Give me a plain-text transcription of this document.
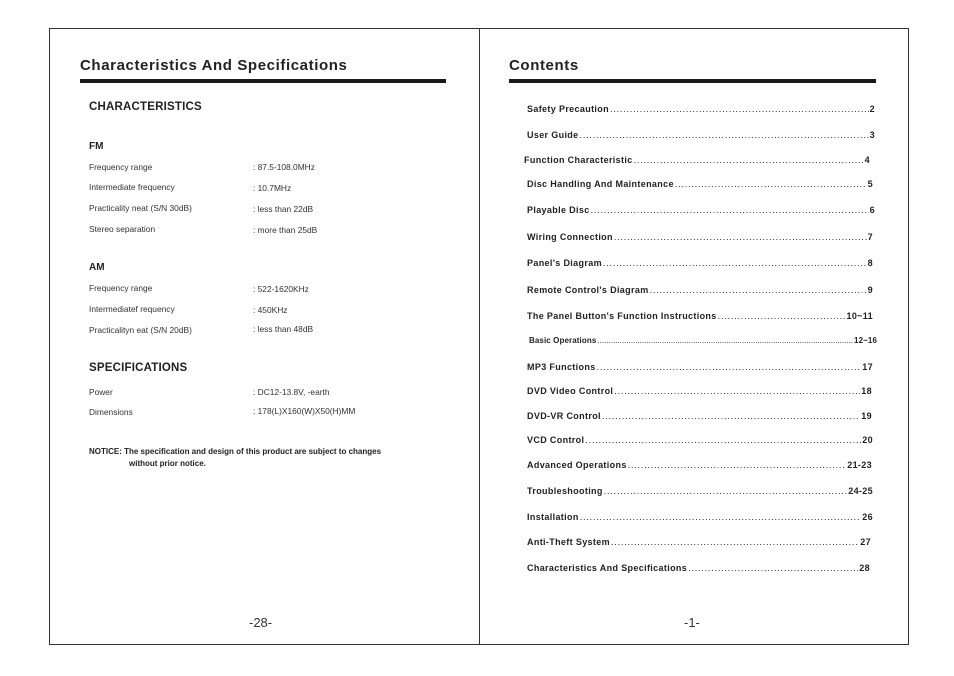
Characteristics And Specifications
CHARACTERISTICS
FM
Frequency range	: 87.5-108.0MHz
Intermediate frequency	: 10.7MHz
Practicality neat (S/N 30dB)	: less than 22dB
Stereo separation	: more than 25dB
AM
Frequency range	: 522-1620KHz
Intermediatef requency	: 450KHz
Practicalityn eat (S/N 20dB)	: less than 48dB
SPECIFICATIONS
Power	: DC12-13.8V, -earth
Dimensions	: 178(L)X160(W)X50(H)MM
NOTICE: The specification and design of this product are subject to changes
without prior notice.
-28-
Contents
Safety Precaution .....	2
User Guide .....	3
Function Characteristic .....	4
Disc Handling And Maintenance .....	5
Playable Disc .....	6
Wiring Connection .....	7
Panel's Diagram .....	8
Remote Control's Diagram .....	9
The Panel Button's Function Instructions .....	10~11
Basic Operations .....	12~16
MP3 Functions .....	17
DVD Video Control .....	18
DVD-VR Control .....	19
VCD Control .....	20
Advanced Operations .....	21-23
Troubleshooting .....	24-25
Installation .....	26
Anti-Theft System .....	27
Characteristics And Specifications .....	28
-1-
